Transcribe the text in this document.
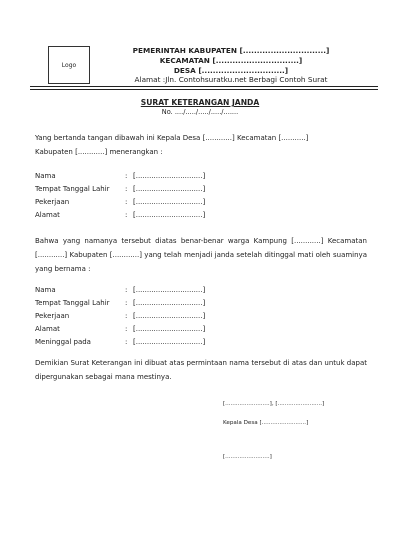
Logo
PEMERINTAH KABUPATEN [..............................]
KECAMATAN [..............................]
DESA [..............................]
Alamat :Jln. Contohsuratku.net Berbagi Contoh Surat
SURAT KETERANGAN JANDA
No. ..../...../...../...../.......
Yang bertanda tangan dibawah ini Kepala Desa [............] Kecamatan [...........]
Kabupaten [............] menerangkan :
Nama	: [..............................]
Tempat Tanggal Lahir : [..............................]
Pekerjaan	: [..............................]
Alamat	: [..............................]
Bahwa yang namanya tersebut diatas benar-benar warga Kampung [............] Kecamatan [............] Kabupaten [............] yang telah menjadi janda setelah ditinggal mati oleh suaminya yang bernama :
Nama	: [..............................]
Tempat Tanggal Lahir : [..............................]
Pekerjaan	: [..............................]
Alamat	: [..............................]
Meninggal pada	: [..............................]
Demikian Surat Keterangan ini dibuat atas permintaan nama tersebut di atas dan untuk dapat dipergunakan sebagai mana mestinya.
[.........................], [.........................]
Kepala Desa [.........................]
[.........................]
